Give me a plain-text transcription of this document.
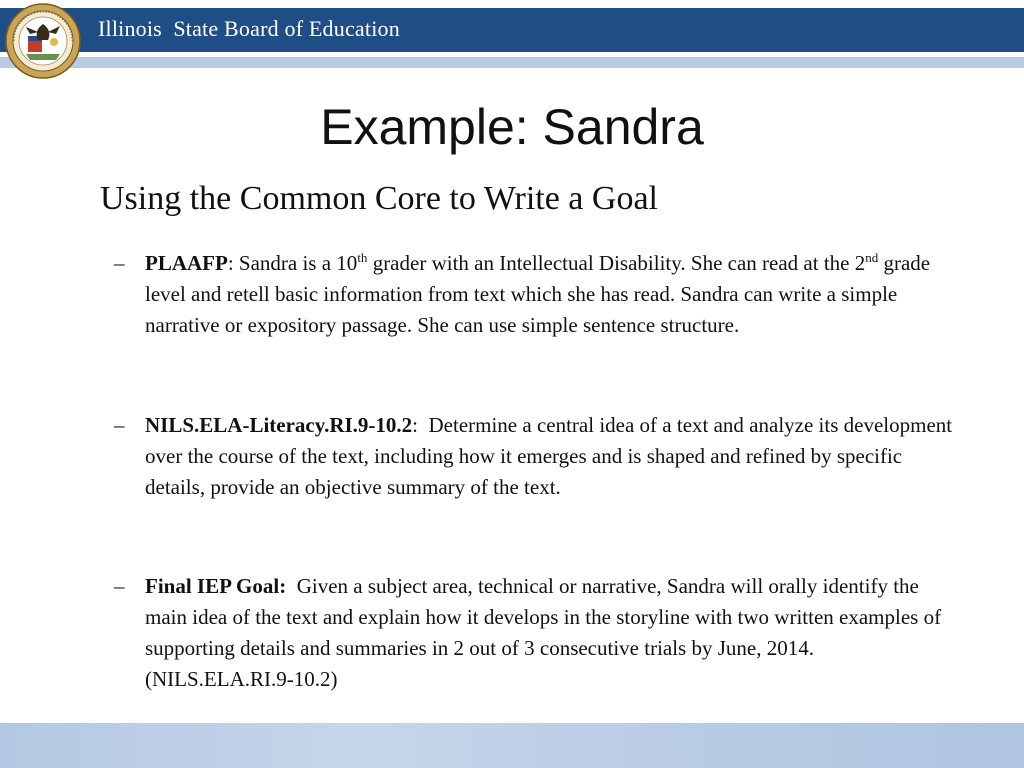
Illinois  State Board of Education
Example: Sandra
Using the Common Core to Write a Goal
– PLAAFP: Sandra is a 10th grader with an Intellectual Disability. She can read at the 2nd grade level and retell basic information from text which she has read. Sandra can write a simple narrative or expository passage. She can use simple sentence structure.
– NILS.ELA-Literacy.RI.9-10.2:  Determine a central idea of a text and analyze its development over the course of the text, including how it emerges and is shaped and refined by specific details, provide an objective summary of the text.
– Final IEP Goal:  Given a subject area, technical or narrative, Sandra will orally identify the main idea of the text and explain how it develops in the storyline with two written examples of supporting details and summaries in 2 out of 3 consecutive trials by June, 2014. (NILS.ELA.RI.9-10.2)
